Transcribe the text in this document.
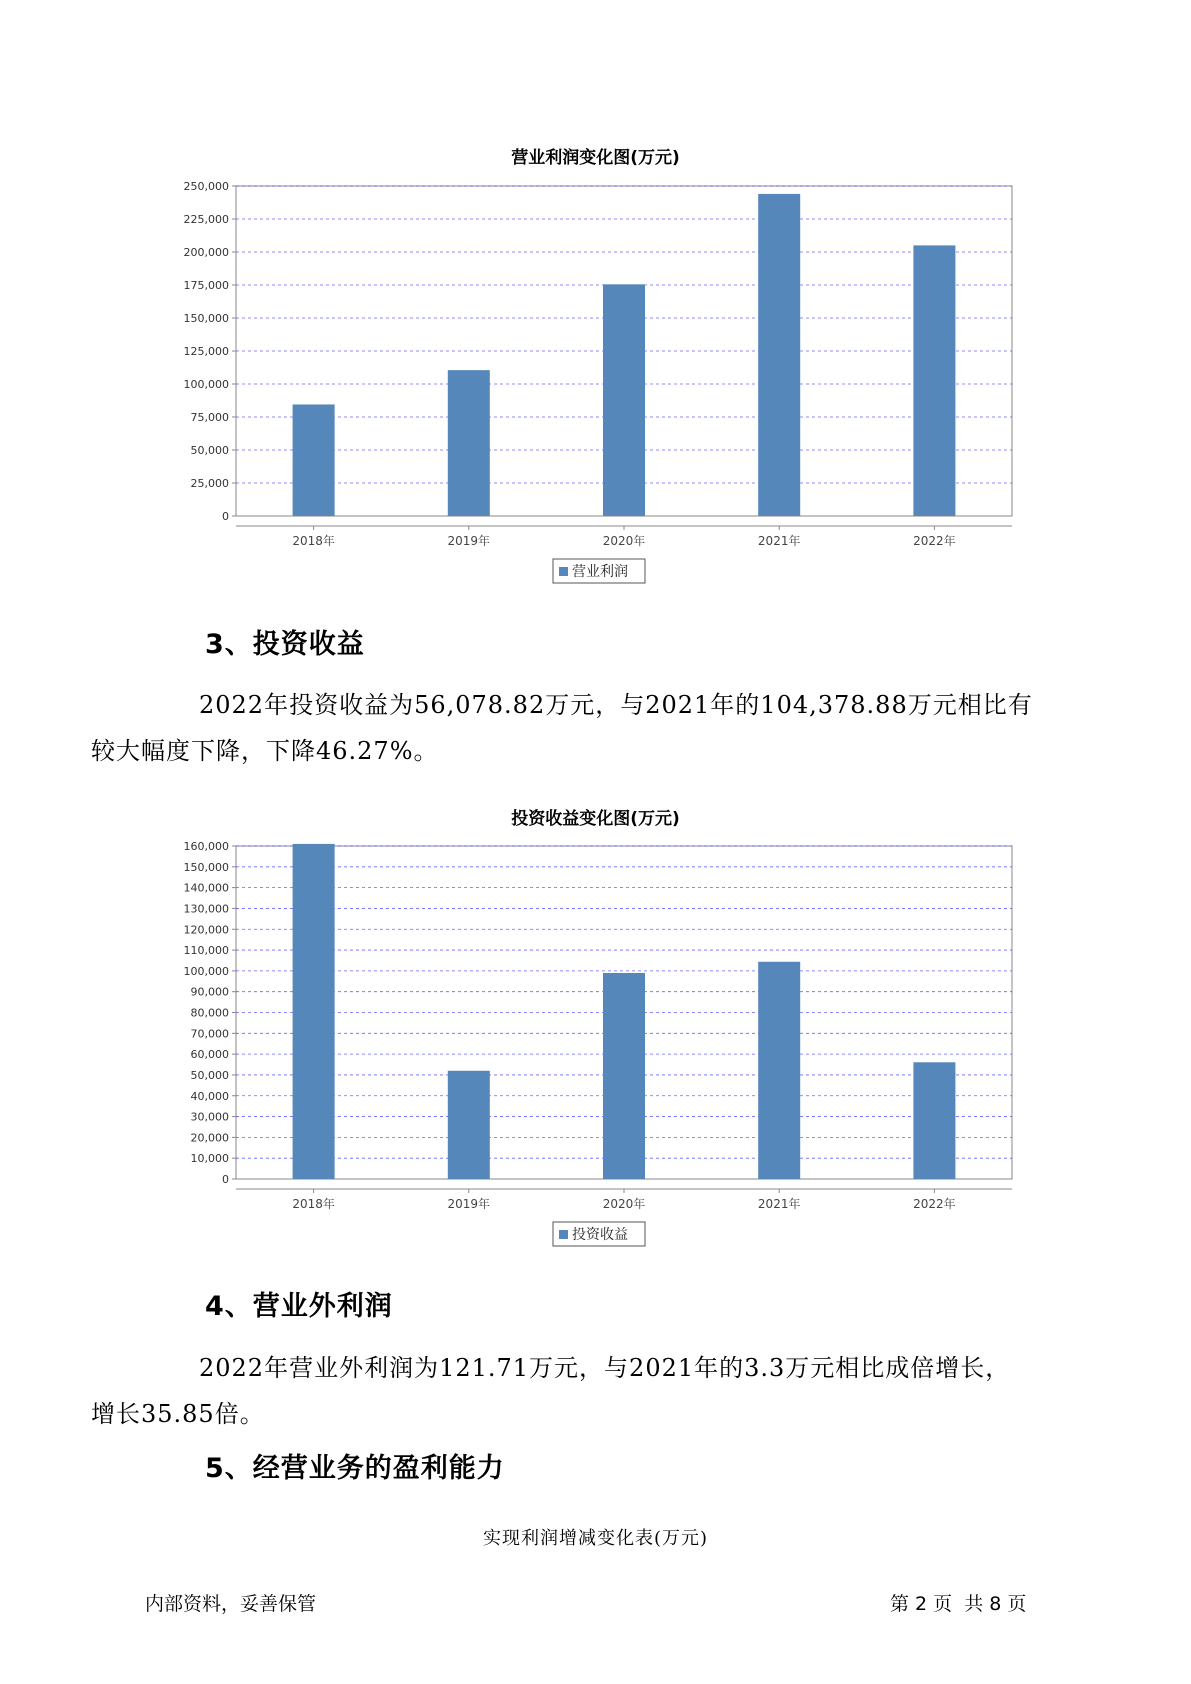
营业利润变化图(万元)
0
25,000
50,000
75,000
100,000
125,000
150,000
175,000
200,000
225,000
250,000
2018年	2019年	2020年	2021年	2022年
营业利润
3、投资收益

2022年投资收益为56,078.82万元，与2021年的104,378.88万元相比有
较大幅度下降，下降46.27%。

投资收益变化图(万元)
0
10,000
20,000
30,000
40,000
50,000
60,000
70,000
80,000
90,000
100,000
110,000
120,000
130,000
140,000
150,000
160,000
2018年	2019年	2020年	2021年	2022年
投资收益
4、营业外利润

2022年营业外利润为121.71万元，与2021年的3.3万元相比成倍增长，
增长35.85倍。

5、经营业务的盈利能力
实现利润增减变化表(万元)
内部资料，妥善保管	第 2 页  共 8 页
